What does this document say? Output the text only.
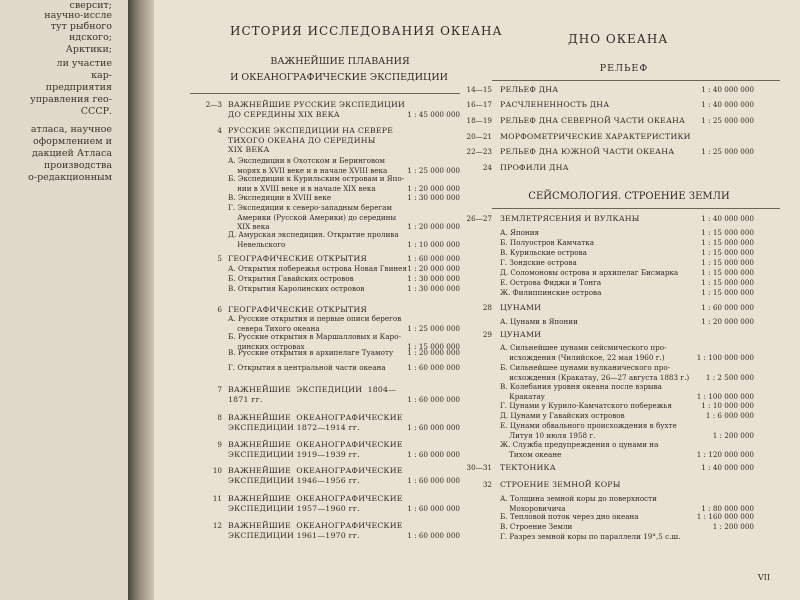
сверсит;
научно-иссле
тут рыбного
ндского;
Арктики;
ли участие
кар-
предприятия
управления гео-
СССР.
атласа, научное
оформлением и
дакцией Атласа
производства
о-редакционным
ИСТОРИЯ ИССЛЕДОВАНИЯ ОКЕАНА
ВАЖНЕЙШИЕ ПЛАВАНИЯ
И ОКЕАНОГРАФИЧЕСКИЕ ЭКСПЕДИЦИИ
ДНО ОКЕАНА
РЕЛЬЕФ
СЕЙСМОЛОГИЯ. СТРОЕНИЕ ЗЕМЛИ
2—3 ВАЖНЕЙШИЕ РУССКИЕ ЭКСПЕДИЦИИ
ДО СЕРЕДИНЫ XIX ВЕКА	1 : 45 000 000
4 РУССКИЕ ЭКСПЕДИЦИИ НА СЕВЕРЕ
ТИХОГО ОКЕАНА ДО СЕРЕДИНЫ
XIX ВЕКА
А. Экспедиции в Охотском и Беринговом
морях в XVII веке и в начале XVIII века	1 : 25 000 000
Б. Экспедиции к Курильским островам и Япо-
нии в XVIII веке и в начале XIX века	1 : 20 000 000
В. Экспедиции в XVIII веке	1 : 30 000 000
Г. Экспедиции к северо-западным берегам
Америки (Русской Америки) до середины
XIX века	1 : 20 000 000
Д. Амурская экспедиция. Открытие пролива
Невельского	1 : 10 000 000
5 ГЕОГРАФИЧЕСКИЕ ОТКРЫТИЯ	1 : 60 000 000
А. Открытия побережья острова Новая Гвинея 1 : 20 000 000
Б. Открытия Гавайских островов	1 : 30 000 000
В. Открытия Каролинских островов	1 : 30 000 000
6 ГЕОГРАФИЧЕСКИЕ ОТКРЫТИЯ
А. Русские открытия и первые описи берегов
севера Тихого океана	1 : 25 000 000
Б. Русские открытия в Маршалловых и Каро-
линских островах	1 : 15 000 000
В. Русские открытия в архипелаге Туамоту 1 : 20 000 000
Г. Открытия в центральной части океана	1 : 60 000 000
7 ВАЖНЕЙШИЕ  ЭКСПЕДИЦИИ  1804—
1871 гг.	1 : 60 000 000
8 ВАЖНЕЙШИЕ  ОКЕАНОГРАФИЧЕСКИЕ
ЭКСПЕДИЦИИ 1872—1914 гг.	1 : 60 000 000
9 ВАЖНЕЙШИЕ  ОКЕАНОГРАФИЧЕСКИЕ
ЭКСПЕДИЦИИ 1919—1939 гг.	1 : 60 000 000
10 ВАЖНЕЙШИЕ  ОКЕАНОГРАФИЧЕСКИЕ
ЭКСПЕДИЦИИ 1946—1956 гг.	1 : 60 000 000
11 ВАЖНЕЙШИЕ  ОКЕАНОГРАФИЧЕСКИЕ
ЭКСПЕДИЦИИ 1957—1960 гг.	1 : 60 000 000
12 ВАЖНЕЙШИЕ  ОКЕАНОГРАФИЧЕСКИЕ
ЭКСПЕДИЦИИ 1961—1970 гг.	1 : 60 000 000
14—15 РЕЛЬЕФ ДНА	1 : 40 000 000
16—17 РАСЧЛЕНЕННОСТЬ ДНА	1 : 40 000 000
18—19 РЕЛЬЕФ ДНА СЕВЕРНОЙ ЧАСТИ ОКЕАНА 1 : 25 000 000
20—21 МОРФОМЕТРИЧЕСКИЕ ХАРАКТЕРИСТИКИ
22—23 РЕЛЬЕФ ДНА ЮЖНОЙ ЧАСТИ ОКЕАНА	1 : 25 000 000
24 ПРОФИЛИ ДНА
26—27 ЗЕМЛЕТРЯСЕНИЯ И ВУЛКАНЫ	1 : 40 000 000
А. Япония	1 : 15 000 000
Б. Полуостров Камчатка	1 : 15 000 000
В. Курильские острова	1 : 15 000 000
Г. Зондские острова	1 : 15 000 000
Д. Соломоновы острова и архипелаг Бисмарка	1 : 15 000 000
Е. Острова Фиджи и Тонга	1 : 15 000 000
Ж. Филиппинские острова	1 : 15 000 000
28 ЦУНАМИ	1 : 60 000 000
А. Цунами в Японии	1 : 20 000 000
29 ЦУНАМИ
А. Сильнейшее цунами сейсмического про-
исхождения (Чилийское, 22 мая 1960 г.)	1 : 100 000 000
Б. Сильнейшее цунами вулканического про-
исхождения (Кракатау, 26—27 августа 1883 г.) 1 : 2 500 000
В. Колебания уровня океана после взрыва
Кракатау	1 : 100 000 000
Г. Цунами у Курило-Камчатского побережья	1 : 10 000 000
Д. Цунами у Гавайских островов	1 : 6 000 000
Е. Цунами обвального происхождения в бухте
Литуя 10 июля 1958 г.	1 : 200 000
Ж. Служба предупреждения о цунами на
Тихом океане	1 : 120 000 000
30—31 ТЕКТОНИКА	1 : 40 000 000
32 СТРОЕНИЕ ЗЕМНОЙ КОРЫ
А. Толщина земной коры до поверхности
Мохоровичича	1 : 80 000 000
Б. Тепловой поток через дно океана	1 : 160 000 000
В. Строение Земли	1 : 200 000
Г. Разрез земной коры по параллели 19°,5 с.ш.
VII
